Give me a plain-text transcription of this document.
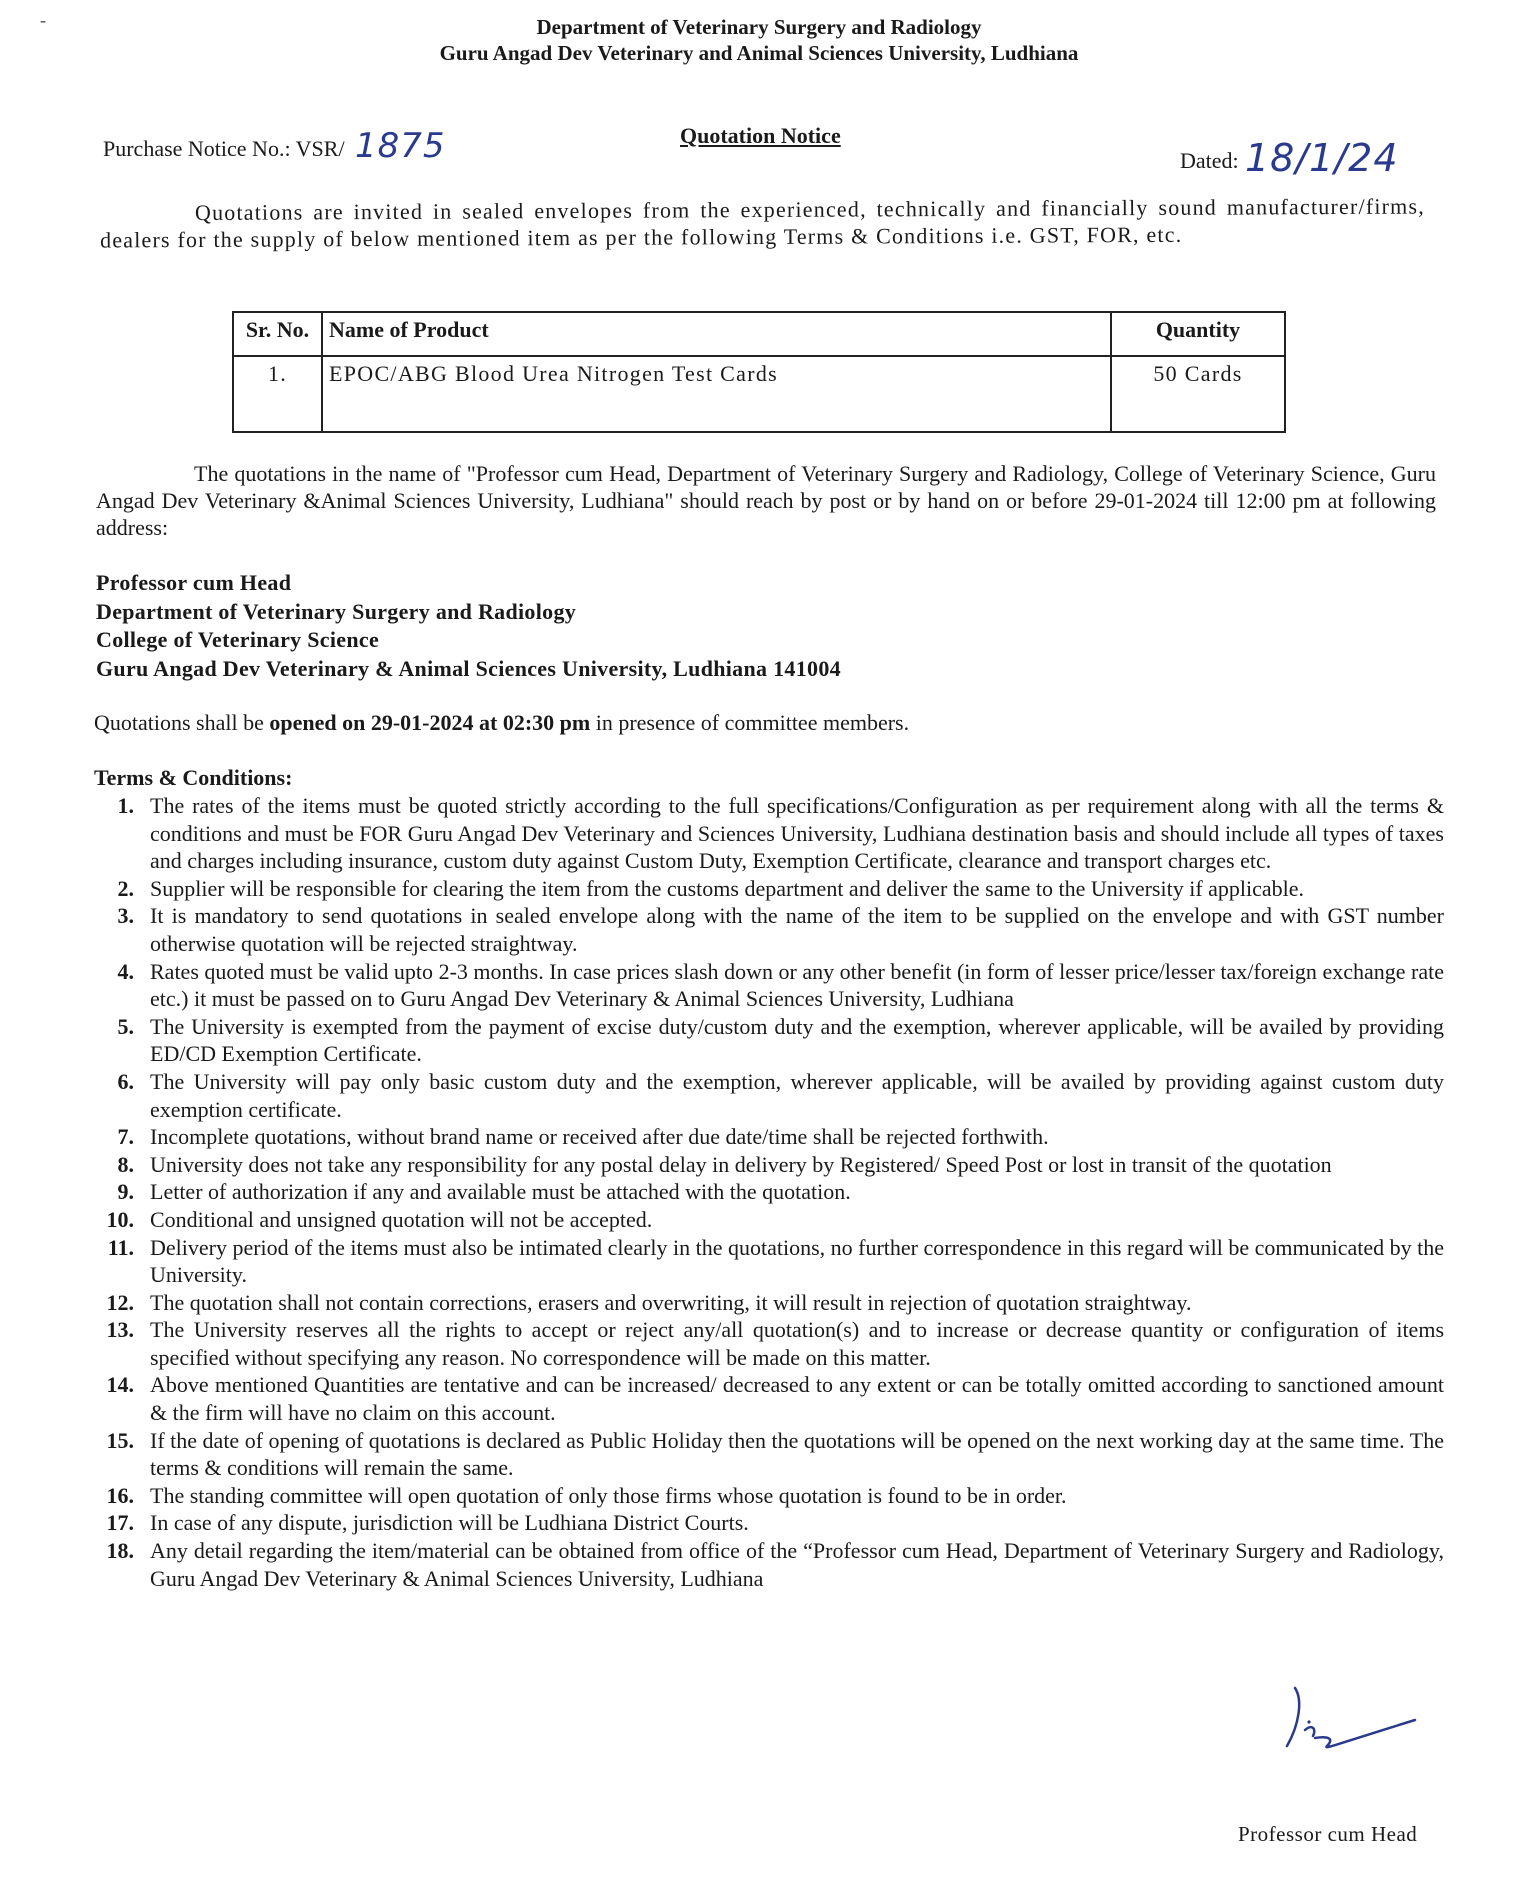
-	Department of Veterinary Surgery and Radiology
Guru Angad Dev Veterinary and Animal Sciences University, Ludhiana
Purchase Notice No.: VSR/ 1875	Quotation Notice
Dated: 18/1/24
Quotations are invited in sealed envelopes from the experienced, technically and financially sound manufacturer/firms, dealers for the supply of below mentioned item as per the following Terms & Conditions i.e. GST, FOR, etc.
Sr. No.	Name of Product	Quantity
1.	EPOC/ABG Blood Urea Nitrogen Test Cards	50 Cards
The quotations in the name of "Professor cum Head, Department of Veterinary Surgery and Radiology, College of Veterinary Science, Guru Angad Dev Veterinary &Animal Sciences University, Ludhiana" should reach by post or by hand on or before 29-01-2024 till 12:00 pm at following address:
Professor cum Head
Department of Veterinary Surgery and Radiology
College of Veterinary Science
Guru Angad Dev Veterinary & Animal Sciences University, Ludhiana 141004
Quotations shall be opened on 29-01-2024 at 02:30 pm in presence of committee members.
Terms & Conditions:
1. The rates of the items must be quoted strictly according to the full specifications/Configuration as per requirement along with all the terms & conditions and must be FOR Guru Angad Dev Veterinary and Sciences University, Ludhiana destination basis and should include all types of taxes and charges including insurance, custom duty against Custom Duty, Exemption Certificate, clearance and transport charges etc.
2. Supplier will be responsible for clearing the item from the customs department and deliver the same to the University if applicable.
3. It is mandatory to send quotations in sealed envelope along with the name of the item to be supplied on the envelope and with GST number otherwise quotation will be rejected straightway.
4. Rates quoted must be valid upto 2-3 months. In case prices slash down or any other benefit (in form of lesser price/lesser tax/foreign exchange rate etc.) it must be passed on to Guru Angad Dev Veterinary & Animal Sciences University, Ludhiana
5. The University is exempted from the payment of excise duty/custom duty and the exemption, wherever applicable, will be availed by providing ED/CD Exemption Certificate.
6. The University will pay only basic custom duty and the exemption, wherever applicable, will be availed by providing against custom duty exemption certificate.
7. Incomplete quotations, without brand name or received after due date/time shall be rejected forthwith.
8. University does not take any responsibility for any postal delay in delivery by Registered/ Speed Post or lost in transit of the quotation
9. Letter of authorization if any and available must be attached with the quotation.
10. Conditional and unsigned quotation will not be accepted.
11. Delivery period of the items must also be intimated clearly in the quotations, no further correspondence in this regard will be communicated by the University.
12. The quotation shall not contain corrections, erasers and overwriting, it will result in rejection of quotation straightway.
13. The University reserves all the rights to accept or reject any/all quotation(s) and to increase or decrease quantity or configuration of items specified without specifying any reason. No correspondence will be made on this matter.
14. Above mentioned Quantities are tentative and can be increased/ decreased to any extent or can be totally omitted according to sanctioned amount & the firm will have no claim on this account.
15. If the date of opening of quotations is declared as Public Holiday then the quotations will be opened on the next working day at the same time. The terms & conditions will remain the same.
16. The standing committee will open quotation of only those firms whose quotation is found to be in order.
17. In case of any dispute, jurisdiction will be Ludhiana District Courts.
18. Any detail regarding the item/material can be obtained from office of the “Professor cum Head, Department of Veterinary Surgery and Radiology, Guru Angad Dev Veterinary & Animal Sciences University, Ludhiana
Professor cum Head
